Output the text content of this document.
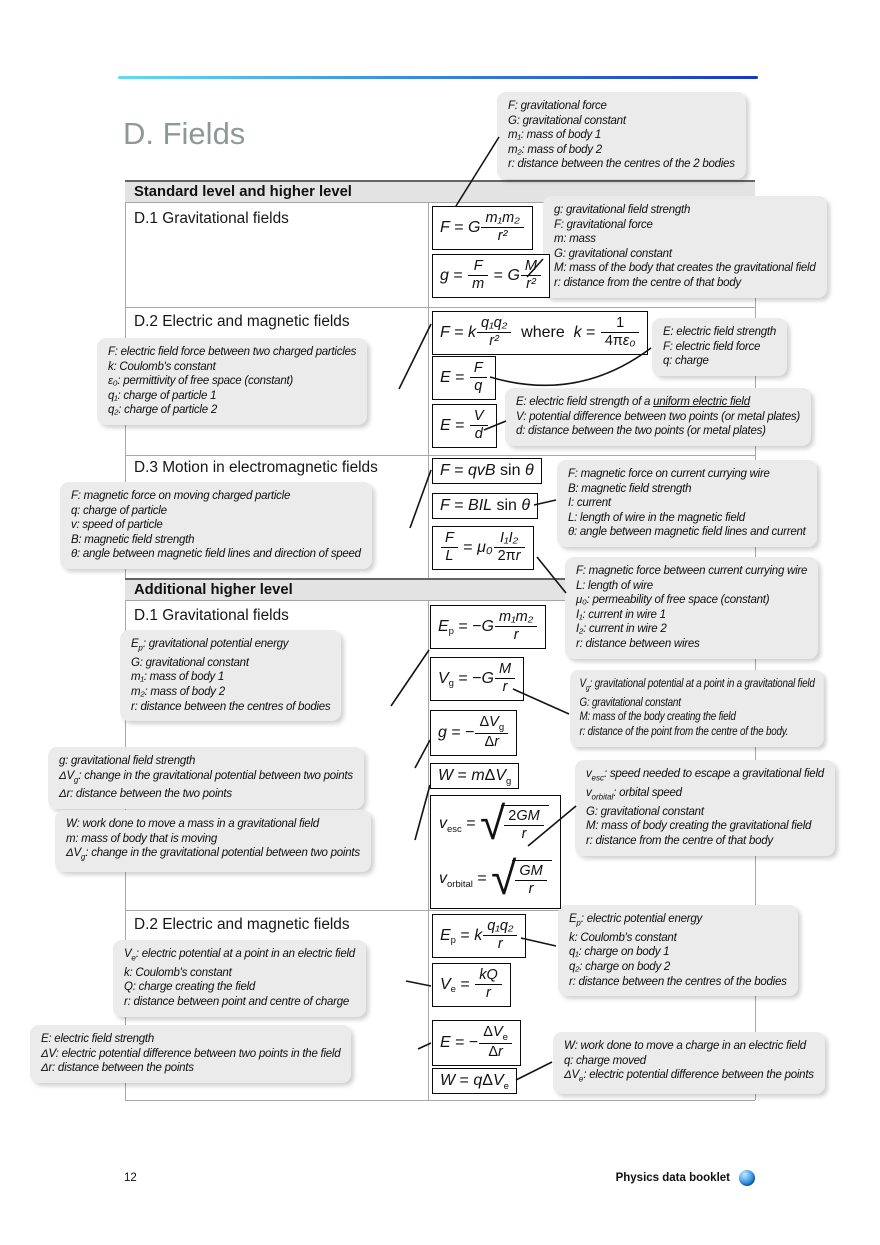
D. Fields
Standard level and higher level
Additional higher level
D.1 Gravitational fields
D.2 Electric and magnetic fields
D.3 Motion in electromagnetic fields
D.1 Gravitational fields
D.2 Electric and magnetic fields
F: gravitational force
G: gravitational constant
m₁: mass of body 1
m₂: mass of body 2
r: distance between the centres of the 2 bodies
g: gravitational field strength
F: gravitational force
m: mass
G: gravitational constant
M: mass of the body that creates the gravitational field
r: distance from the centre of that body
F: electric field force between two charged particles
k: Coulomb's constant
ε₀: permittivity of free space (constant)
q₁: charge of particle 1
q₂: charge of particle 2
E: electric field strength
F: electric field force
q: charge
E: electric field strength of a uniform electric field
V: potential difference between two points (or metal plates)
d: distance between the two points (or metal plates)
F: magnetic force on moving charged particle
q: charge of particle
v: speed of particle
B: magnetic field strength
θ: angle between magnetic field lines and direction of speed
F: magnetic force on current currying wire
B: magnetic field strength
I: current
L: length of wire in the magnetic field
θ: angle between magnetic field lines and current
F: magnetic force between current currying wire
L: length of wire
μ₀: permeability of free space (constant)
I₁: current in wire 1
I₂: current in wire 2
r: distance between wires
$E_p$: gravitational potential energy
G: gravitational constant
m₁: mass of body 1
m₂: mass of body 2
r: distance between the centres of bodies
$V_g$: gravitational potential at a point in a gravitational field
G: gravitational constant
M: mass of the body creating the field
r: distance of the point from the centre of the body.
g: gravitational field strength
$\Delta V_g$: change in the gravitational potential between two points
Δr: distance between the two points
W: work done to move a mass in a gravitational field
m: mass of body that is moving
$\Delta V_g$: change in the gravitational potential between two points
$v_{esc}$: speed needed to escape a gravitational field
$v_{orbital}$: orbital speed
G: gravitational constant
M: mass of body creating the gravitational field
r: distance from the centre of that body
$V_e$: electric potential at a point in an electric field
k: Coulomb's constant
Q: charge creating the field
r: distance between point and centre of charge
$E_p$: electric potential energy
k: Coulomb's constant
q₁: charge on body 1
q₂: charge on body 2
r: distance between the centres of the bodies
E: electric field strength
ΔV: electric potential difference between two points in the field
Δr: distance between the points
W: work done to move a charge in an electric field
q: charge moved
$\Delta V_e$: electric potential difference between the points
F = G $\frac{\text{m₁m₂}}{\text{r²}}$
$g = \frac{F}{m} = G \frac{M}{\text{r²}}$
F = k $\frac{\text{q₁q₂}}{\text{r²}}$ where $k = \frac{1}{\text{4πε₀}}$
$E = \frac{F}{q}$
$E = \frac{V}{d}$
F = qvB sin θ
F = BIL sin θ
$\frac{F}{L} = \mu_0 \frac{\text{I₁I₂}}{2\pi r}$
$E_p$ = − G $\frac{\text{m₁m₂}}{r}$
$V_g$ = − G $\frac{M}{r}$
g = − $\frac{\Delta V_g}{\Delta r}$
W = m Δ $V_g$
$v_{esc}$ = √ $\frac{2GM}{r}$
$v_{orbital}$ = √ $\frac{GM}{r}$
$E_p = k \frac{\text{q₁q₂}}{r}$
$V_e = \frac{kQ}{r}$
E = − $\frac{\Delta V_e}{\Delta r}$
W = q Δ $V_e$
12	Physics data booklet
